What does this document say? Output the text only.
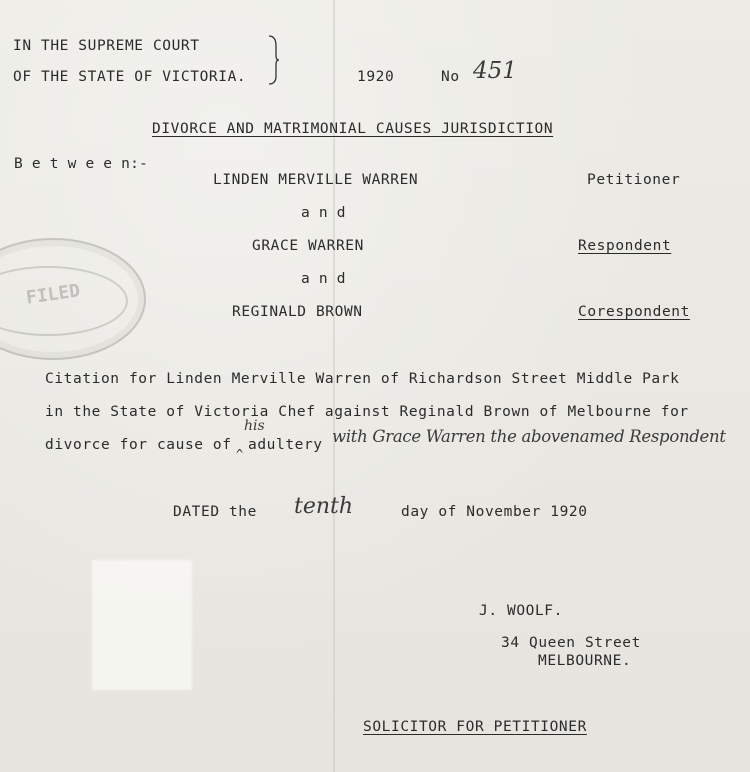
IN THE SUPREME COURT
OF THE STATE OF VICTORIA.	1920	No 451
DIVORCE AND MATRIMONIAL CAUSES JURISDICTION
B e t w e e n:-
LINDEN MERVILLE WARREN	Petitioner
a n d
GRACE WARREN	Respondent
a n d
REGINALD BROWN	Corespondent
FILED
Citation for Linden Merville Warren of Richardson Street Middle Park
in the State of Victoria Chef against Reginald Brown of Melbourne for
divorce for cause of
^
his
adultery with Grace Warren the abovenamed Respondent
DATED the tenth	day of November 1920
J. WOOLF.
34 Queen Street
MELBOURNE.
SOLICITOR FOR PETITIONER
